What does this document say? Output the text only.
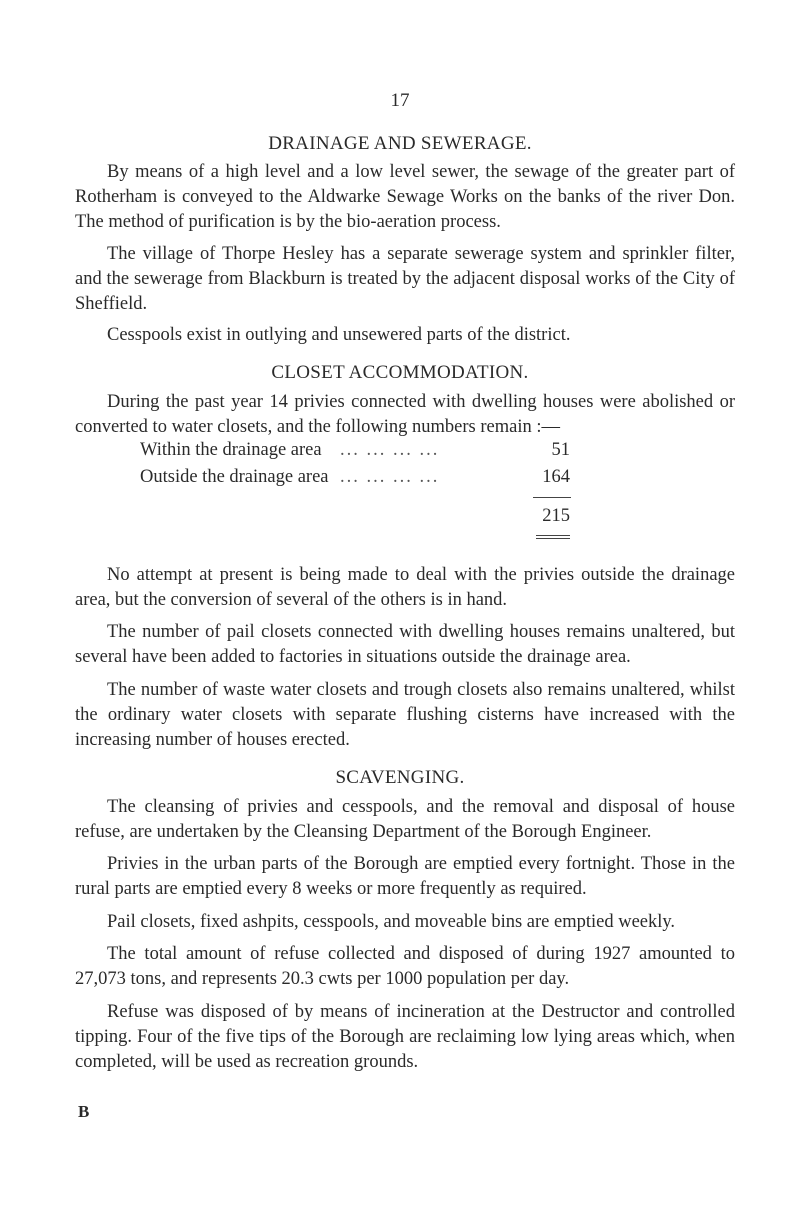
17
DRAINAGE AND SEWERAGE.

By means of a high level and a low level sewer, the sewage of the greater part of Rotherham is conveyed to the Aldwarke Sewage Works on the banks of the river Don. The method of purification is by the bio-aeration process.

The village of Thorpe Hesley has a separate sewerage system and sprinkler filter, and the sewerage from Blackburn is treated by the adjacent disposal works of the City of Sheffield.

Cesspools exist in outlying and unsewered parts of the district.

CLOSET ACCOMMODATION.

During the past year 14 privies connected with dwelling houses were abolished or converted to water closets, and the following numbers remain :—

Within the drainage area ... ... ... ...	51
Outside the drainage area ... ... ... ...	164
215

No attempt at present is being made to deal with the privies outside the drainage area, but the conversion of several of the others is in hand.

The number of pail closets connected with dwelling houses remains unaltered, but several have been added to factories in situations outside the drainage area.

The number of waste water closets and trough closets also remains unaltered, whilst the ordinary water closets with separate flushing cisterns have increased with the increasing number of houses erected.

SCAVENGING.

The cleansing of privies and cesspools, and the removal and disposal of house refuse, are undertaken by the Cleansing Department of the Borough Engineer.

Privies in the urban parts of the Borough are emptied every fortnight. Those in the rural parts are emptied every 8 weeks or more frequently as required.

Pail closets, fixed ashpits, cesspools, and moveable bins are emptied weekly.

The total amount of refuse collected and disposed of during 1927 amounted to 27,073 tons, and represents 20.3 cwts per 1000 population per day.

Refuse was disposed of by means of incineration at the Destructor and controlled tipping. Four of the five tips of the Borough are reclaiming low lying areas which, when completed, will be used as recreation grounds.

B
